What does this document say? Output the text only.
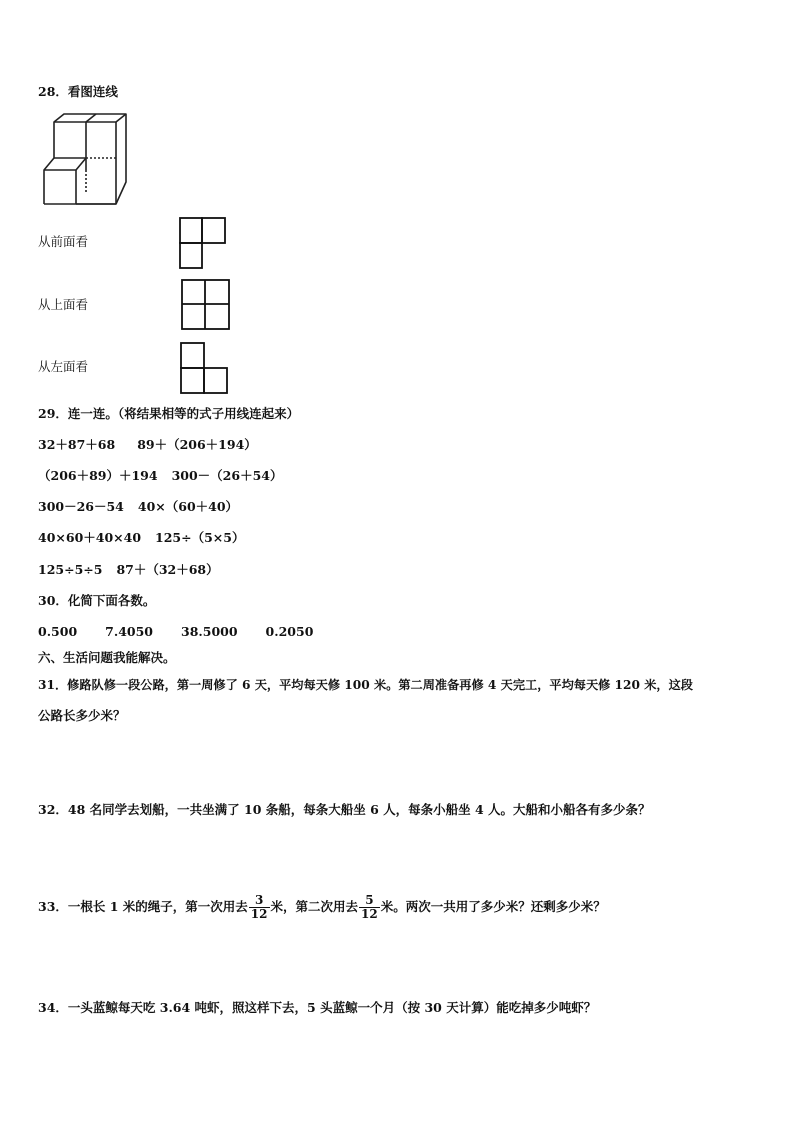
28．看图连线
从前面看
从上面看
从左面看
29．连一连。（将结果相等的式子用线连起来）
32＋87＋68 89＋（206＋194）
（206＋89）＋194 300－（26＋54）
300－26－54 40×（60＋40）
40×60＋40×40 125÷（5×5）
125÷5÷5 87＋（32＋68）
30．化简下面各数。
0.500 7.4050 38.5000 0.2050
六、生活问题我能解决。
31．修路队修一段公路，第一周修了 6 天，平均每天修 100 米。第二周准备再修 4 天完工，平均每天修 120 米，这段
公路长多少米？
32．48 名同学去划船，一共坐满了 10 条船，每条大船坐 6 人，每条小船坐 4 人。大船和小船各有多少条？
33．一根长 1 米的绳子，第一次用去 $\frac{3}{12}$ 米，第二次用去 $\frac{5}{12}$ 米。两次一共用了多少米？还剩多少米？
34．一头蓝鲸每天吃 3.64 吨虾，照这样下去，5 头蓝鲸一个月（按 30 天计算）能吃掉多少吨虾？
